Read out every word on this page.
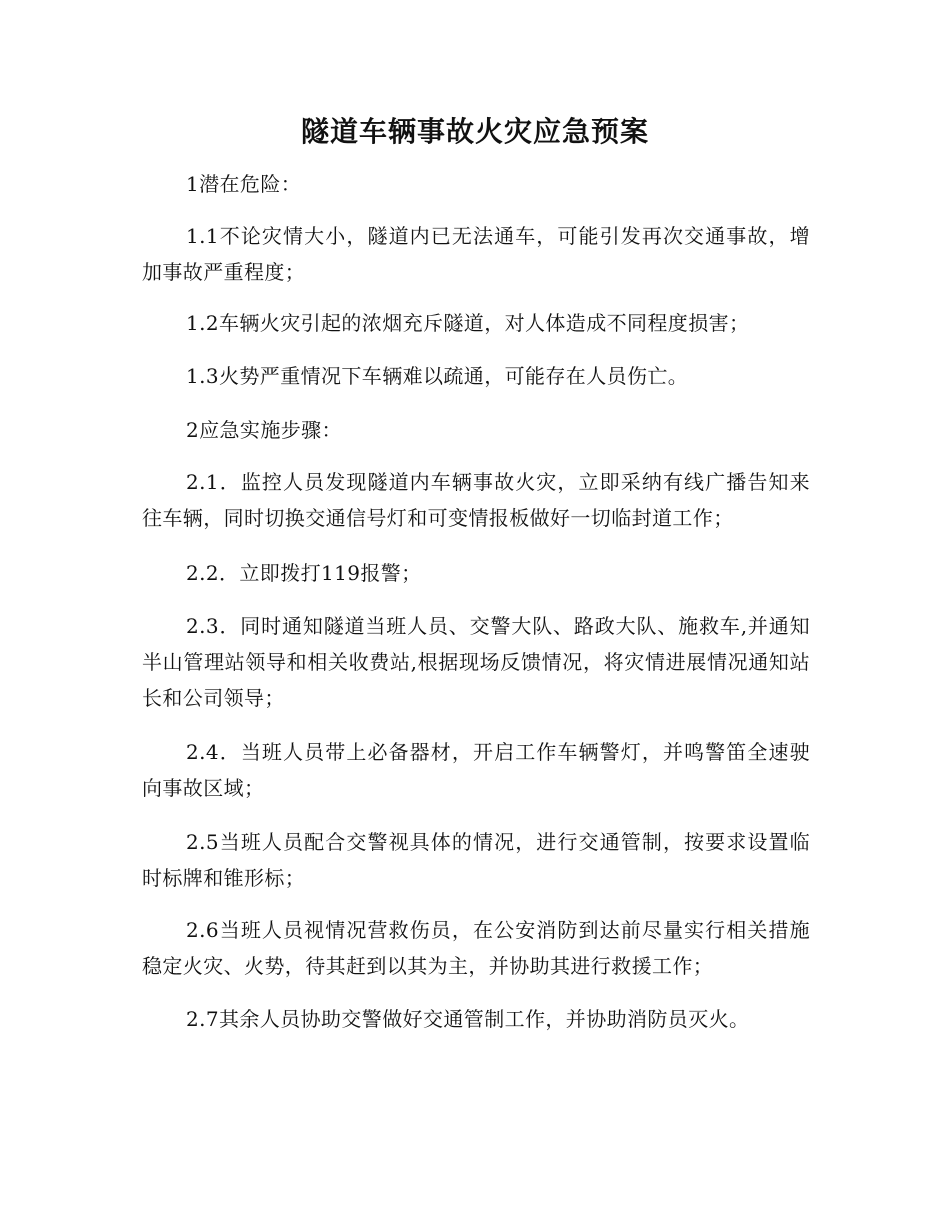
隧道车辆事故火灾应急预案

1潜在危险：

1.1不论灾情大小，隧道内已无法通车，可能引发再次交通事故，增加事故严重程度；

1.2车辆火灾引起的浓烟充斥隧道，对人体造成不同程度损害；

1.3火势严重情况下车辆难以疏通，可能存在人员伤亡。

2应急实施步骤：

2.1．监控人员发现隧道内车辆事故火灾，立即采纳有线广播告知来往车辆，同时切换交通信号灯和可变情报板做好一切临封道工作；

2.2．立即拨打119报警；

2.3．同时通知隧道当班人员、交警大队、路政大队、施救车,并通知半山管理站领导和相关收费站,根据现场反馈情况，将灾情进展情况通知站长和公司领导；

2.4．当班人员带上必备器材，开启工作车辆警灯，并鸣警笛全速驶向事故区域；

2.5当班人员配合交警视具体的情况，进行交通管制，按要求设置临时标牌和锥形标；

2.6当班人员视情况营救伤员，在公安消防到达前尽量实行相关措施稳定火灾、火势，待其赶到以其为主，并协助其进行救援工作；

2.7其余人员协助交警做好交通管制工作，并协助消防员灭火。
